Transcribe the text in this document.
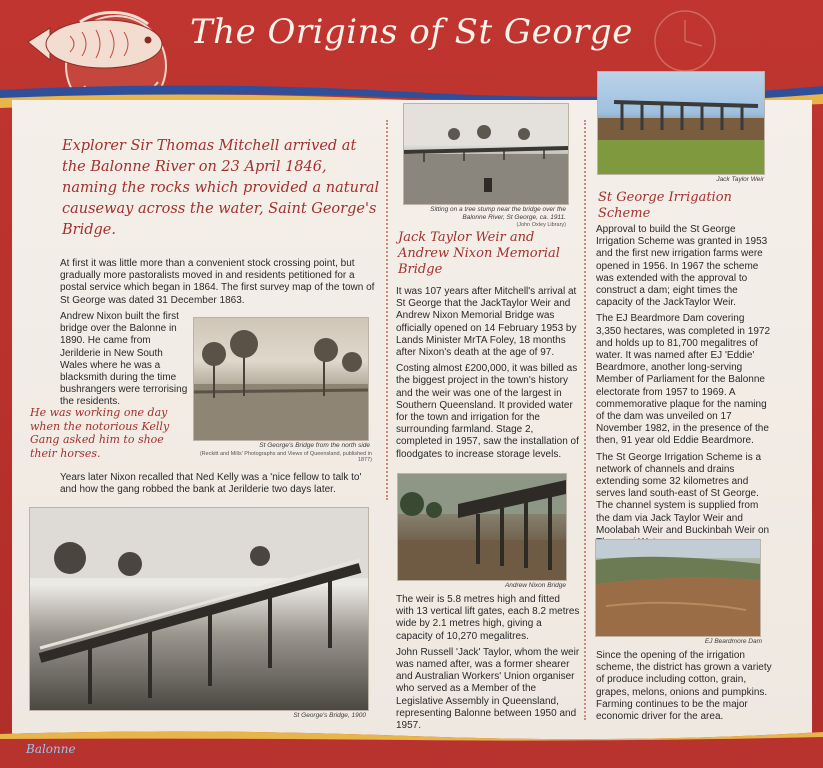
The Origins of St George
Explorer Sir Thomas Mitchell arrived at the Balonne River on 23 April 1846, naming the rocks which provided a natural causeway across the water, Saint George's Bridge.

At first it was little more than a convenient stock crossing point, but gradually more pastoralists moved in and residents petitioned for a postal service which began in 1864. The first survey map of the town of St George was dated 31 December 1863.

Andrew Nixon built the first bridge over the Balonne in 1890. He came from Jerilderie in New South Wales where he was a blacksmith during the time bushrangers were terrorising the residents.

St George's Bridge from the north side
(Reckitt and Mills' Photographs and Views of Queensland, published in 1877)
He was working one day when the notorious Kelly Gang asked him to shoe their horses.

Years later Nixon recalled that Ned Kelly was a 'nice fellow to talk to' and how the gang robbed the bank at Jerilderie two days later.

St George's Bridge, 1900
Sitting on a tree stump near the bridge over the Balonne River, St George, ca. 1911.
(John Oxley Library)
Jack Taylor Weir and Andrew Nixon Memorial Bridge

It was 107 years after Mitchell's arrival at St George that the JackTaylor Weir and Andrew Nixon Memorial Bridge was officially opened on 14 February 1953 by Lands Minister MrTA Foley, 18 months after Nixon's death at the age of 97.

Costing almost £200,000, it was billed as the biggest project in the town's history and the weir was one of the largest in Southern Queensland. It provided water for the town and irrigation for the surrounding farmland. Stage 2, completed in 1957, saw the installation of floodgates to increase storage levels.

Andrew Nixon Bridge

The weir is 5.8 metres high and fitted with 13 vertical lift gates, each 8.2 metres wide by 2.1 metres high, giving a capacity of 10,270 megalitres.

John Russell 'Jack' Taylor, whom the weir was named after, was a former shearer and Australian Workers' Union organiser who served as a Member of the Legislative Assembly in Queensland, representing Balonne between 1950 and 1957.

Jack Taylor Weir
St George Irrigation Scheme

Approval to build the St George Irrigation Scheme was granted in 1953 and the first new irrigation farms were opened in 1956. In 1967 the scheme was extended with the approval to construct a dam; eight times the capacity of the JackTaylor Weir.

The EJ Beardmore Dam covering 3,350 hectares, was completed in 1972 and holds up to 81,700 megalitres of water. It was named after EJ 'Eddie' Beardmore, another long-serving Member of Parliament for the Balonne electorate from 1957 to 1969. A commemorative plaque for the naming of the dam was unveiled on 17 November 1982, in the presence of the then, 91 year old Eddie Beardmore.

The St George Irrigation Scheme is a network of channels and drains extending some 32 kilometres and serves land south-east of St George. The channel system is supplied from the dam via Jack Taylor Weir and Moolabah Weir and Buckinbah Weir on

EJ Beardmore Dam

Since the opening of the irrigation scheme, the district has grown a variety of produce including cotton, grain, grapes, melons, onions and pumpkins. Farming continues to be the major economic driver for the area.

Balonne
